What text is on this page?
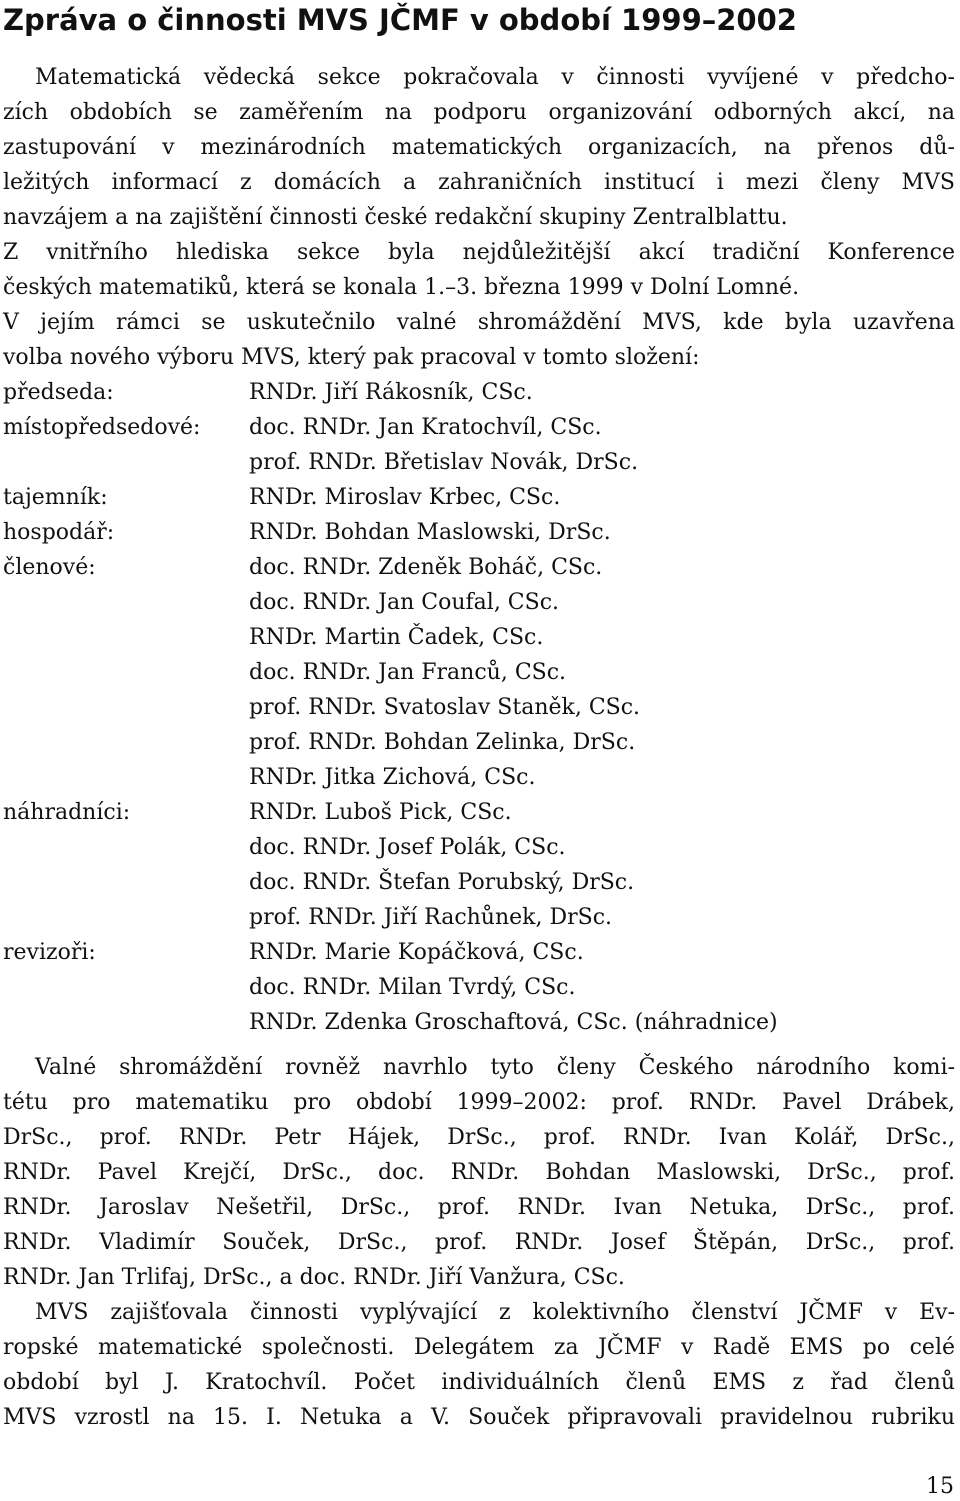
Zpráva o činnosti MVS JČMF v období 1999–2002
Matematická vědecká sekce pokračovala v činnosti vyvíjené v předcho-
zích obdobích se zaměřením na podporu organizování odborných akcí, na
zastupování v mezinárodních matematických organizacích, na přenos dů-
ležitých informací z domácích a zahraničních institucí i mezi členy MVS
navzájem a na zajištění činnosti české redakční skupiny Zentralblattu.
Z vnitřního hlediska sekce byla nejdůležitější akcí tradiční Konference
českých matematiků, která se konala 1.–3. března 1999 v Dolní Lomné.
V jejím rámci se uskutečnilo valné shromáždění MVS, kde byla uzavřena
volba nového výboru MVS, který pak pracoval v tomto složení:
předseda:	RNDr. Jiří Rákosník, CSc.
místopředsedové: doc. RNDr. Jan Kratochvíl, CSc.
prof. RNDr. Břetislav Novák, DrSc.
tajemník:	RNDr. Miroslav Krbec, CSc.
hospodář:	RNDr. Bohdan Maslowski, DrSc.
členové:	doc. RNDr. Zdeněk Boháč, CSc.
doc. RNDr. Jan Coufal, CSc.
RNDr. Martin Čadek, CSc.
doc. RNDr. Jan Franců, CSc.
prof. RNDr. Svatoslav Staněk, CSc.
prof. RNDr. Bohdan Zelinka, DrSc.
RNDr. Jitka Zichová, CSc.
náhradníci:	RNDr. Luboš Pick, CSc.
doc. RNDr. Josef Polák, CSc.
doc. RNDr. Štefan Porubský, DrSc.
prof. RNDr. Jiří Rachůnek, DrSc.
revizoři:	RNDr. Marie Kopáčková, CSc.
doc. RNDr. Milan Tvrdý, CSc.
RNDr. Zdenka Groschaftová, CSc. (náhradnice)
Valné shromáždění rovněž navrhlo tyto členy Českého národního komi-
tétu pro matematiku pro období 1999–2002: prof. RNDr. Pavel Drábek,
DrSc., prof. RNDr. Petr Hájek, DrSc., prof. RNDr. Ivan Kolář, DrSc.,
RNDr. Pavel Krejčí, DrSc., doc. RNDr. Bohdan Maslowski, DrSc., prof.
RNDr. Jaroslav Nešetřil, DrSc., prof. RNDr. Ivan Netuka, DrSc., prof.
RNDr. Vladimír Souček, DrSc., prof. RNDr. Josef Štěpán, DrSc., prof.
RNDr. Jan Trlifaj, DrSc., a doc. RNDr. Jiří Vanžura, CSc.
MVS zajišťovala činnosti vyplývající z kolektivního členství JČMF v Ev-
ropské matematické společnosti. Delegátem za JČMF v Radě EMS po celé
období byl J. Kratochvíl. Počet individuálních členů EMS z řad členů
MVS vzrostl na 15. I. Netuka a V. Souček připravovali pravidelnou rubriku
15
